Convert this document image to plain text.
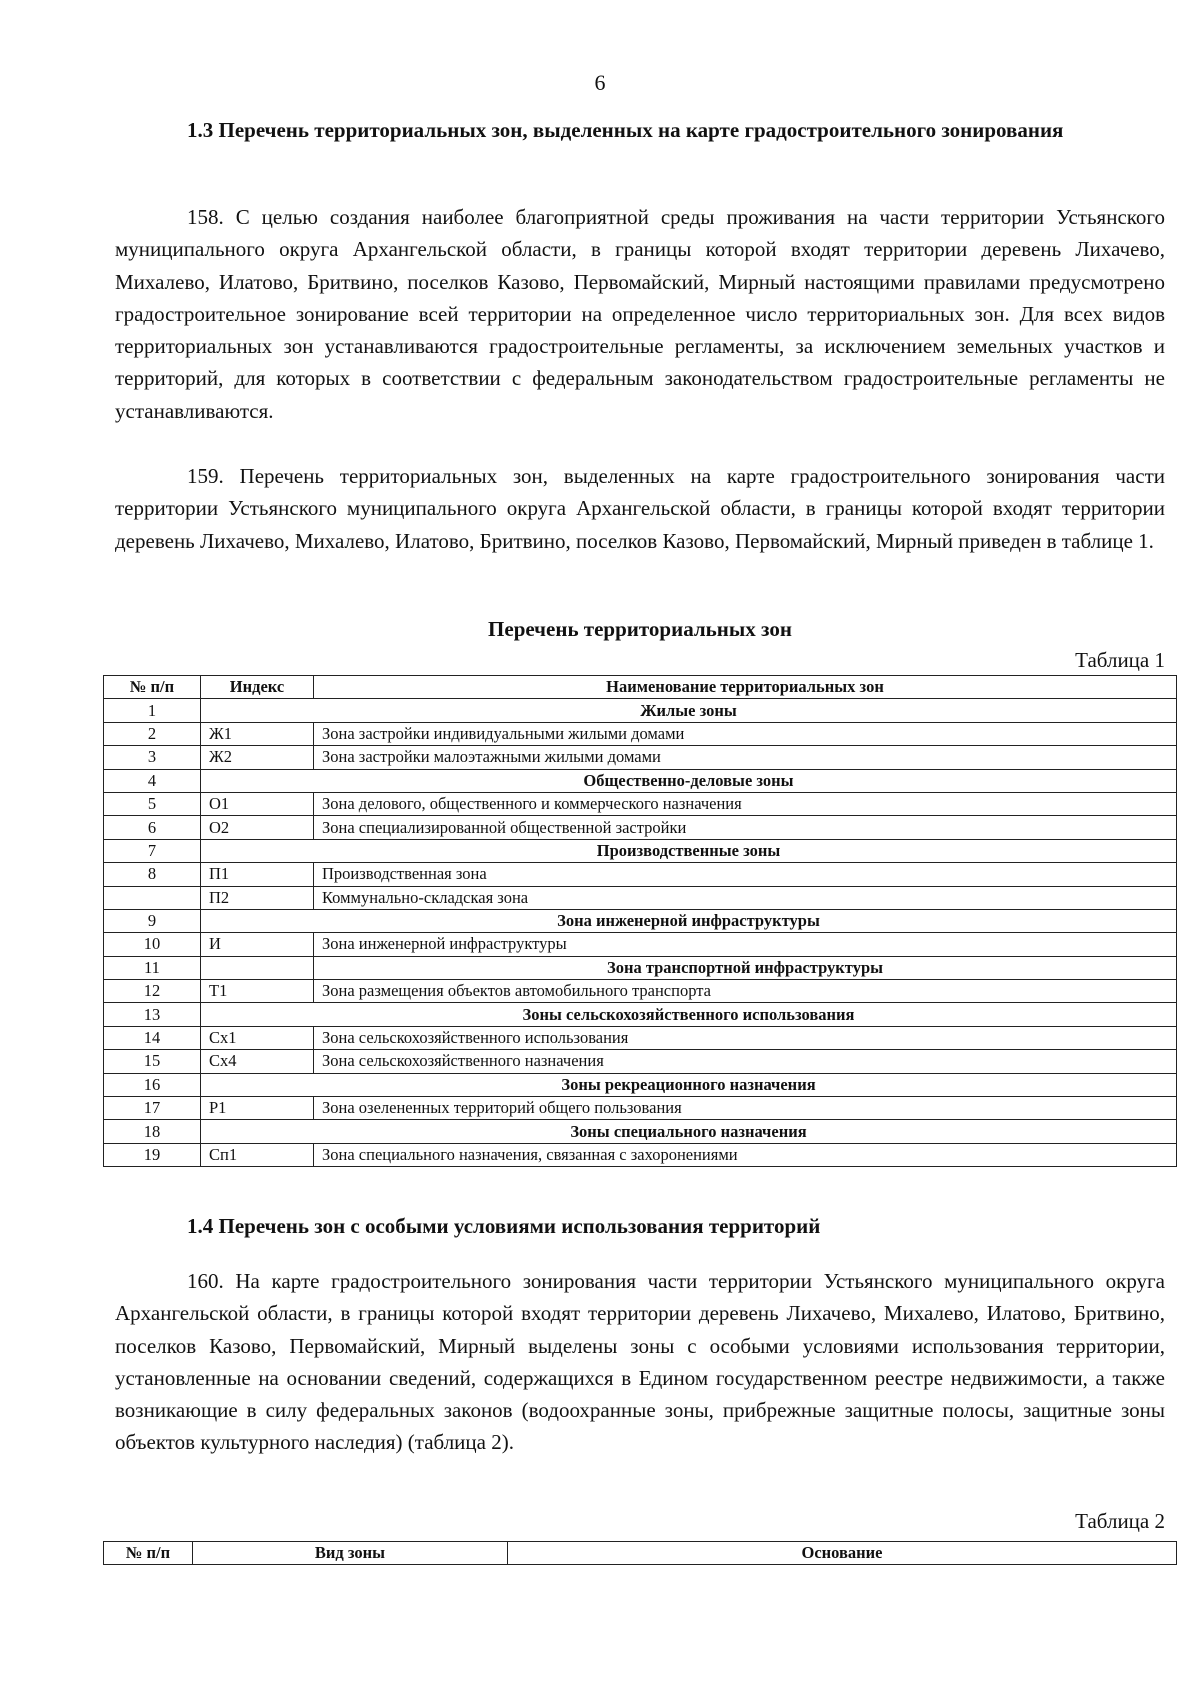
6

1.3 Перечень территориальных зон, выделенных на карте градостроительного зонирования

158. С целью создания наиболее благоприятной среды проживания на части территории Устьянского муниципального округа Архангельской области, в границы которой входят территории деревень Лихачево, Михалево, Илатово, Бритвино, поселков Казово, Первомайский, Мирный настоящими правилами предусмотрено градостроительное зонирование всей территории на определенное число территориальных зон. Для всех видов территориальных зон устанавливаются градостроительные регламенты, за исключением земельных участков и территорий, для которых в соответствии с федеральным законодательством градостроительные регламенты не устанавливаются.

159. Перечень территориальных зон, выделенных на карте градостроительного зонирования части территории Устьянского муниципального округа Архангельской области, в границы которой входят территории деревень Лихачево, Михалево, Илатово, Бритвино, поселков Казово, Первомайский, Мирный приведен в таблице 1.

Перечень территориальных зон

Таблица 1

№ п/п	Индекс	Наименование территориальных зон
1	Жилые зоны	
2	Ж1	Зона застройки индивидуальными жилыми домами
3	Ж2	Зона застройки малоэтажными жилыми домами
4	Общественно-деловые зоны	
5	О1	Зона делового, общественного и коммерческого назначения
6	О2	Зона специализированной общественной застройки
7	Производственные зоны	
8	П1	Производственная зона
	П2	Коммунально-складская зона
9	Зона инженерной инфраструктуры	
10	И	Зона инженерной инфраструктуры
11		Зона транспортной инфраструктуры
12	Т1	Зона размещения объектов автомобильного транспорта
13	Зоны сельскохозяйственного использования	
14	Сх1	Зона сельскохозяйственного использования
15	Сх4	Зона сельскохозяйственного назначения
16	Зоны рекреационного назначения	
17	Р1	Зона озелененных территорий общего пользования
18	Зоны специального назначения	
19	Сп1	Зона специального назначения, связанная с захоронениями

1.4 Перечень зон с особыми условиями использования территорий

160. На карте градостроительного зонирования части территории Устьянского муниципального округа Архангельской области, в границы которой входят территории деревень Лихачево, Михалево, Илатово, Бритвино, поселков Казово, Первомайский, Мирный выделены зоны с особыми условиями использования территории, установленные на основании сведений, содержащихся в Едином государственном реестре недвижимости, а также возникающие в силу федеральных законов (водоохранные зоны, прибрежные защитные полосы, защитные зоны объектов культурного наследия) (таблица 2).

Таблица 2

№ п/п	Вид зоны	Основание
